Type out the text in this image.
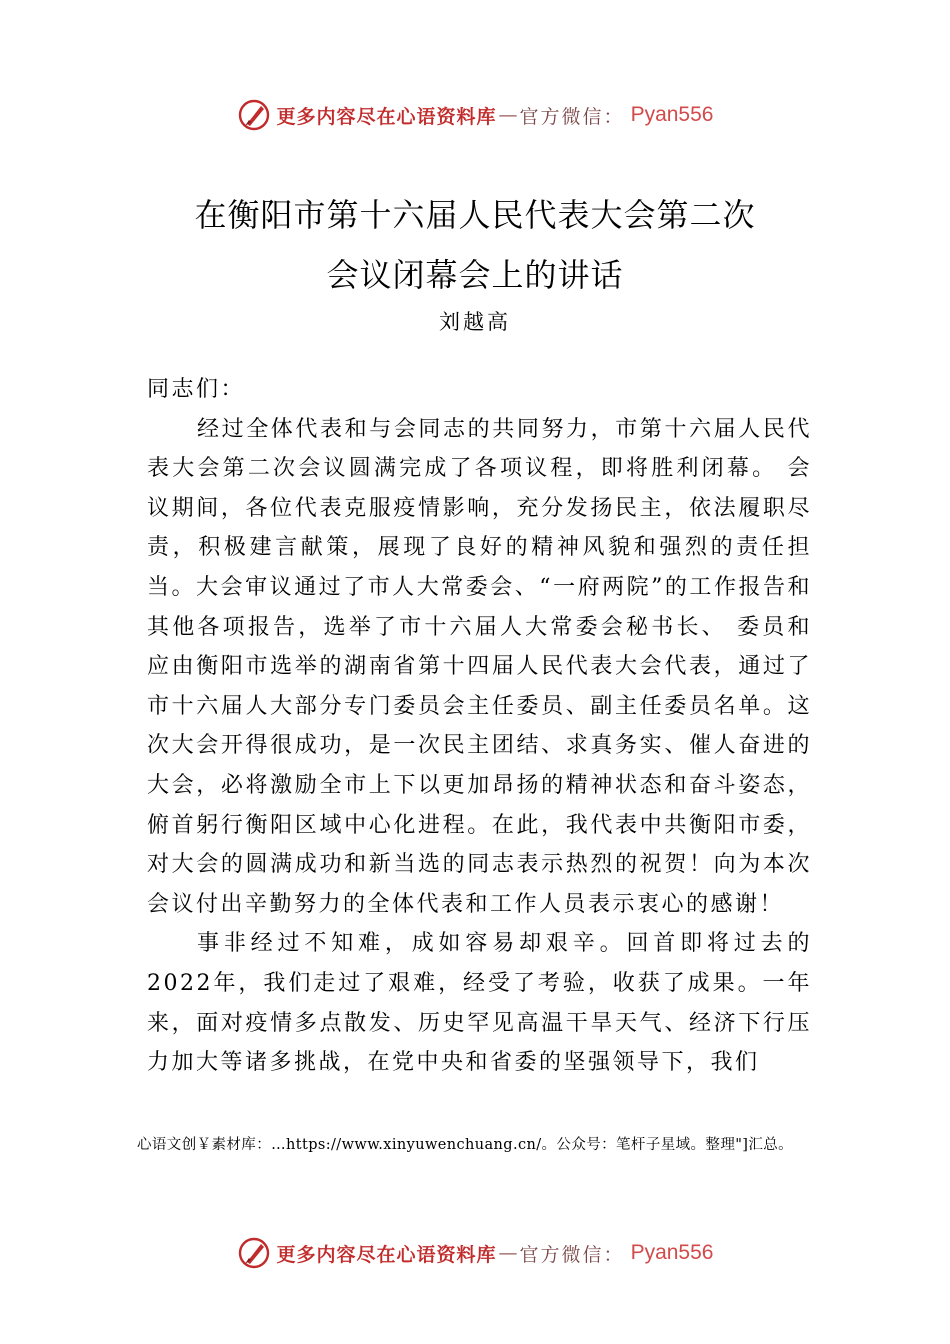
更多内容尽在心语资料库 — 官方微信： Pyan556
在衡阳市第十六届人民代表大会第二次
会议闭幕会上的讲话
刘越高

同志们：

经过全体代表和与会同志的共同努力，市第十六届人民代表大会第二次会议圆满完成了各项议程，即将胜利闭幕。 会议期间，各位代表克服疫情影响，充分发扬民主，依法履职尽责，积极建言献策，展现了良好的精神风貌和强烈的责任担当。大会审议通过了市人大常委会、“一府两院”的工作报告和其他各项报告，选举了市十六届人大常委会秘书长、 委员和应由衡阳市选举的湖南省第十四届人民代表大会代表，通过了市十六届人大部分专门委员会主任委员、副主任委员名单。这次大会开得很成功，是一次民主团结、求真务实、催人奋进的大会，必将激励全市上下以更加昂扬的精神状态和奋斗姿态，俯首躬行衡阳区域中心化进程。在此，我代表中共衡阳市委，对大会的圆满成功和新当选的同志表示热烈的祝贺！向为本次会议付出辛勤努力的全体代表和工作人员表示衷心的感谢！

事非经过不知难，成如容易却艰辛。回首即将过去的2022年，我们走过了艰难，经受了考验，收获了成果。一年来，面对疫情多点散发、历史罕见高温干旱天气、经济下行压力加大等诸多挑战，在党中央和省委的坚强领导下，我们

心语文创￥素材库：…https://www.xinyuwenchuang.cn/。公众号：笔杆子星域。整理"]汇总。
更多内容尽在心语资料库 — 官方微信： Pyan556
